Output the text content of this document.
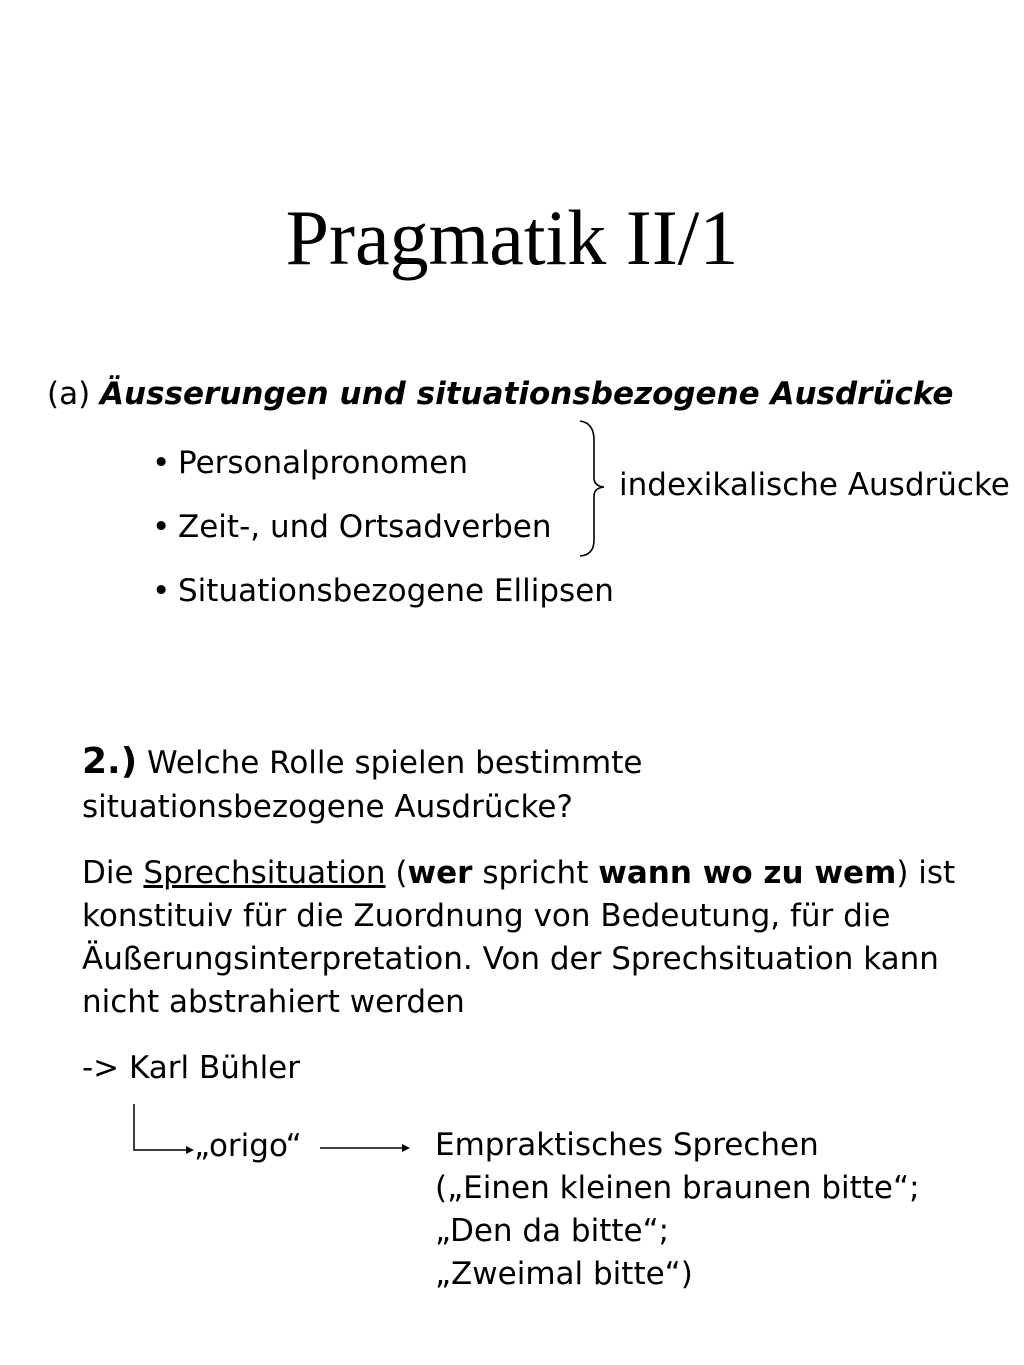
Pragmatik II/1
(a) Äusserungen und situationsbezogene Ausdrücke
• Personalpronomen
• Zeit-, und Ortsadverben
• Situationsbezogene Ellipsen
indexikalische Ausdrücke
2.) Welche Rolle spielen bestimmte situationsbezogene Ausdrücke?
Die Sprechsituation (wer spricht wann wo zu wem) ist konstituiv für die Zuordnung von Bedeutung, für die Äußerungsinterpretation. Von der Sprechsituation kann nicht abstrahiert werden
-> Karl Bühler
„origo“	Empraktisches Sprechen
(„Einen kleinen braunen bitte“;
„Den da bitte“;
„Zweimal bitte“)
